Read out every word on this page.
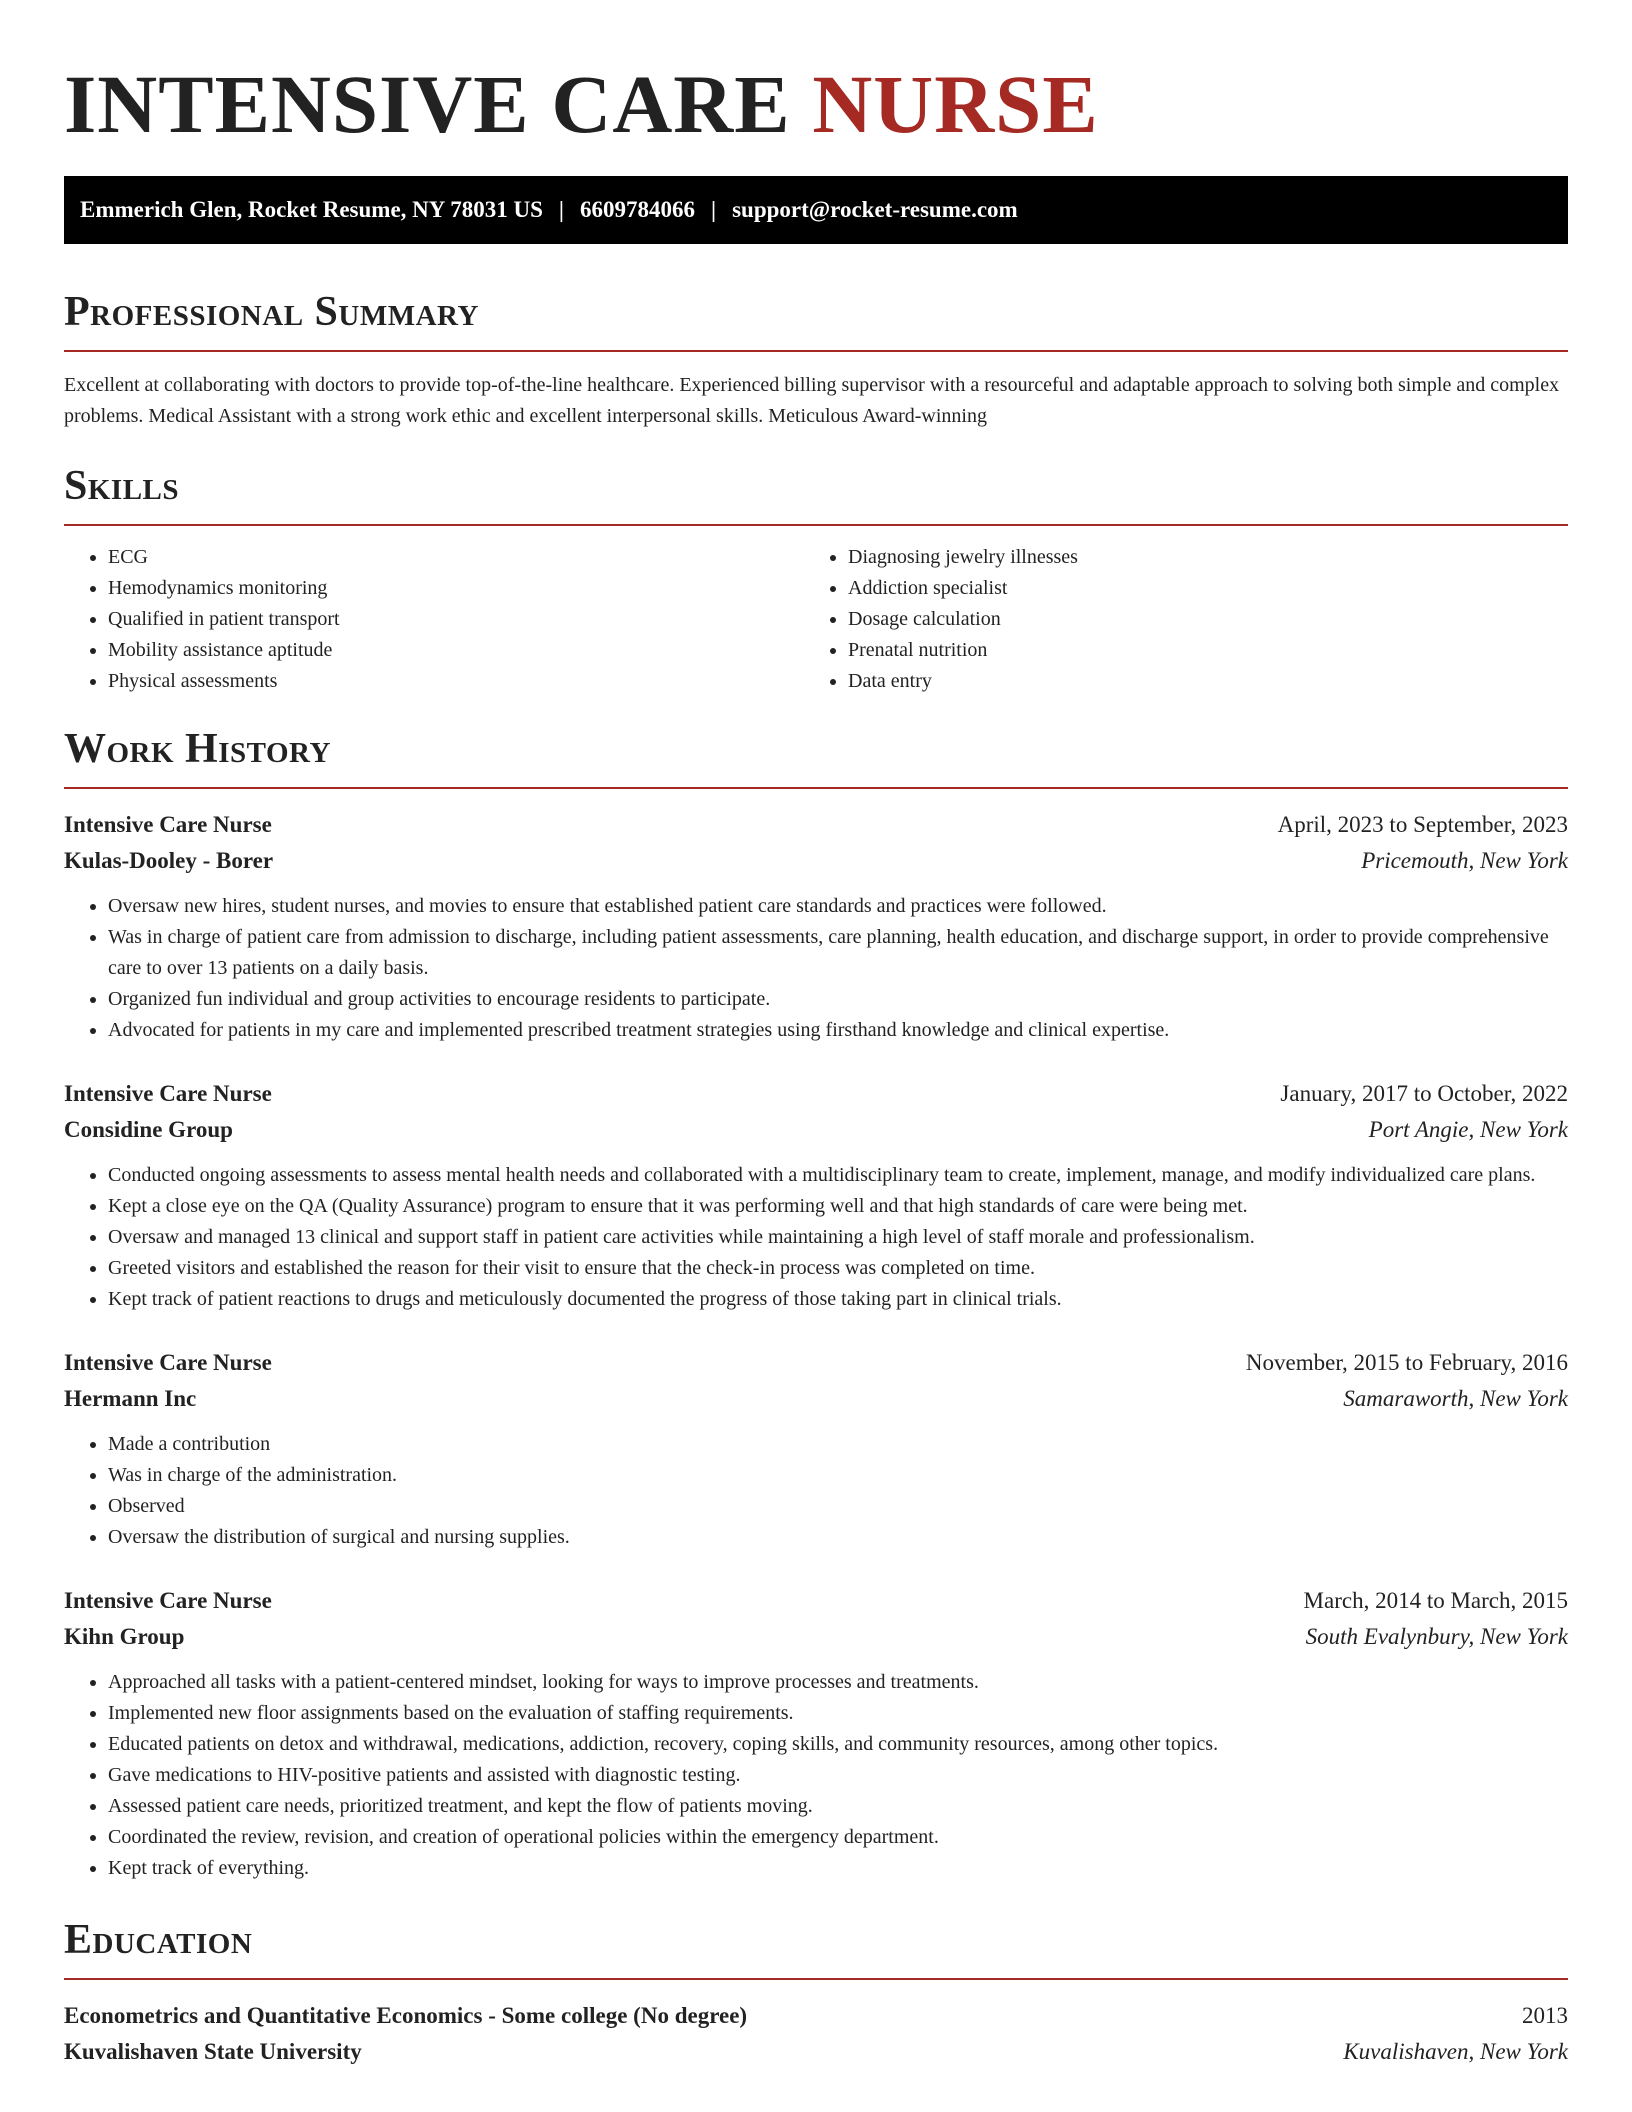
INTENSIVE CARE NURSE
Emmerich Glen, Rocket Resume, NY 78031 US | 6609784066 | support@rocket-resume.com
Professional Summary

Excellent at collaborating with doctors to provide top-of-the-line healthcare. Experienced billing supervisor with a resourceful and adaptable approach to solving both simple and complex problems. Medical Assistant with a strong work ethic and excellent interpersonal skills. Meticulous Award-winning

Skills
• ECG
• Hemodynamics monitoring
• Qualified in patient transport
• Mobility assistance aptitude
• Physical assessments
• Diagnosing jewelry illnesses
• Addiction specialist
• Dosage calculation
• Prenatal nutrition
• Data entry
Work History
Intensive Care Nurse	April, 2023 to September, 2023
Kulas-Dooley - Borer	Pricemouth, New York
• Oversaw new hires, student nurses, and movies to ensure that established patient care standards and practices were followed.
• Was in charge of patient care from admission to discharge, including patient assessments, care planning, health education, and discharge support, in order to provide comprehensive care to over 13 patients on a daily basis.
• Organized fun individual and group activities to encourage residents to participate.
• Advocated for patients in my care and implemented prescribed treatment strategies using firsthand knowledge and clinical expertise.
Intensive Care Nurse	January, 2017 to October, 2022
Considine Group	Port Angie, New York
• Conducted ongoing assessments to assess mental health needs and collaborated with a multidisciplinary team to create, implement, manage, and modify individualized care plans.
• Kept a close eye on the QA (Quality Assurance) program to ensure that it was performing well and that high standards of care were being met.
• Oversaw and managed 13 clinical and support staff in patient care activities while maintaining a high level of staff morale and professionalism.
• Greeted visitors and established the reason for their visit to ensure that the check-in process was completed on time.
• Kept track of patient reactions to drugs and meticulously documented the progress of those taking part in clinical trials.
Intensive Care Nurse	November, 2015 to February, 2016
Hermann Inc	Samaraworth, New York
• Made a contribution
• Was in charge of the administration.
• Observed
• Oversaw the distribution of surgical and nursing supplies.
Intensive Care Nurse	March, 2014 to March, 2015
Kihn Group	South Evalynbury, New York
• Approached all tasks with a patient-centered mindset, looking for ways to improve processes and treatments.
• Implemented new floor assignments based on the evaluation of staffing requirements.
• Educated patients on detox and withdrawal, medications, addiction, recovery, coping skills, and community resources, among other topics.
• Gave medications to HIV-positive patients and assisted with diagnostic testing.
• Assessed patient care needs, prioritized treatment, and kept the flow of patients moving.
• Coordinated the review, revision, and creation of operational policies within the emergency department.
• Kept track of everything.
Education
Econometrics and Quantitative Economics - Some college (No degree)	2013
Kuvalishaven State University	Kuvalishaven, New York
